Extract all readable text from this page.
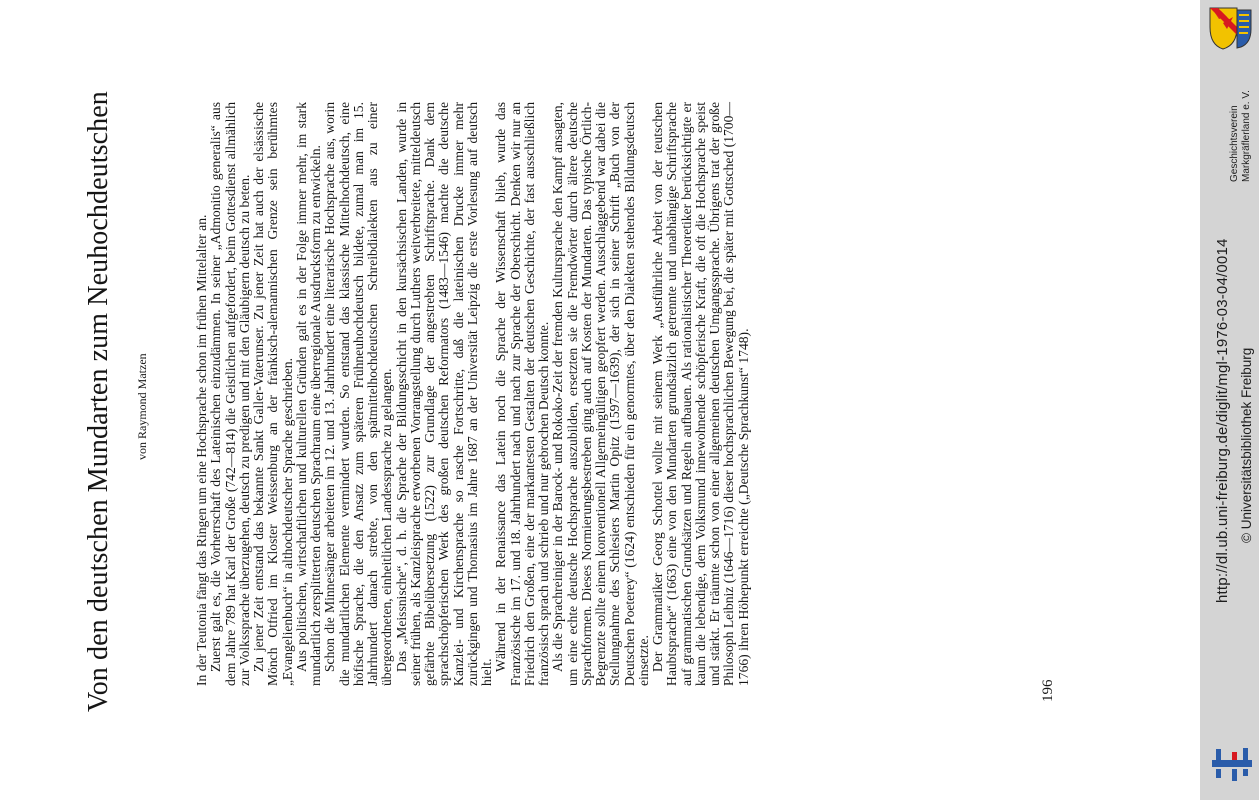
Von den deutschen Mundarten zum Neuhochdeutschen von Raymond Matzen	In der Teutonia fängt das Ringen um eine Hochsprache schon im frühen Mittelalter an. Zuerst galt es, die Vorherrschaft des Lateinischen einzudämmen. In seiner „Admonitio generalis“ aus dem Jahre 789 hat Karl der Große (742—814) die Geistlichen aufgefordert, beim Gottesdienst allmählich zur Volkssprache überzugehen, deutsch zu predigen und mit den Gläubigern deutsch zu beten. Zu jener Zeit entstand das bekannte Sankt Galler-Vaterunser. Zu jener Zeit hat auch der elsässische Mönch Otfried im Kloster Weissenburg an der fränkisch-alemannischen Grenze sein berühmtes „Evangelienbuch“ in althochdeutscher Sprache geschrieben. Aus politischen, wirtschaftlichen und kulturellen Gründen galt es in der Folge immer mehr, im stark mundartlich zersplitterten deutschen Sprachraum eine überregionale Ausdrucksform zu entwickeln. Schon die Minnesänger arbeiteten im 12. und 13. Jahrhundert eine literarische Hochsprache aus, worin die mundartlichen Elemente vermindert wurden. So entstand das klassische Mittelhochdeutsch, eine höfische Sprache, die den Ansatz zum späteren Frühneuhochdeutsch bildete, zumal man im 15. Jahrhundert danach strebte, von den spätmittelhochdeutschen Schreibdialekten aus zu einer übergeordneten, einheitlichen Landessprache zu gelangen. Das „Meissnische“, d. h. die Sprache der Bildungsschicht in den kursächsischen Landen, wurde in seiner frühen, als Kanzleisprache erworbenen Vorrangstellung durch Luthers weitverbreitete, mitteldeutsch gefärbte Bibelübersetzung (1522) zur Grundlage der angestrebten Schriftsprache. Dank dem sprachschöpferischen Werk des großen deutschen Reformators (1483—1546) machte die deutsche Kanzlei- und Kirchensprache so rasche Fortschritte, daß die lateinischen Drucke immer mehr zurückgingen und Thomasius im Jahre 1687 an der Universität Leipzig die erste Vorlesung auf deutsch hielt.

Während in der Renaissance das Latein noch die Sprache der Wissenschaft blieb, wurde das Französische im 17. und 18. Jahrhundert nach und nach zur Sprache der Oberschicht. Denken wir nur an Friedrich den Großen, eine der markantesten Gestalten der deutschen Geschichte, der fast ausschließlich französisch sprach und schrieb und nur gebrochen Deutsch konnte. Als die Sprachreiniger in der Barock- und Rokoko-Zeit der fremden Kultursprache den Kampf ansagten, um eine echte deutsche Hochsprache auszubilden, ersetzten sie die Fremdwörter durch ältere deutsche Sprachformen. Dieses Normierungsbestreben ging auch auf Kosten der Mundarten. Das typische Örtlich-Begrenzte sollte einem konventionell Allgemeingültigen geopfert werden. Ausschlaggebend war dabei die Stellungnahme des Schlesiers Martin Opitz (1597—1639), der sich in seiner Schrift „Buch von der Deutschen Poeterey“ (1624) entschieden für ein genormtes, über den Dialekten stehendes Bildungsdeutsch einsetzte. Der Grammatiker Georg Schottel wollte mit seinem Werk „Ausführliche Arbeit von der teutschen Haubtsprache“ (1663) eine von den Mundarten grundsätzlich getrennte und unabhängige Schriftsprache auf grammatischen Grundsätzen und Regeln aufbauen. Als rationalistischer Theoretiker berücksichtigte er kaum die lebendige, dem Volksmund innewohnende schöpferische Kraft, die oft die Hochsprache speist und stärkt. Er träumte schon von einer allgemeinen deutschen Umgangssprache. Übrigens trat der große Philosoph Leibniz (1646—1716) dieser hochsprachlichen Bewegung bei, die später mit Gottsched (1700—1766) ihren Höhepunkt erreichte („Deutsche Sprachkunst“ 1748).

196
Geschichtsverein Markgräflerland e. V.
http://dl.ub.uni-freiburg.de/diglit/mgl-1976-03-04/0014 © Universitätsbibliothek Freiburg
